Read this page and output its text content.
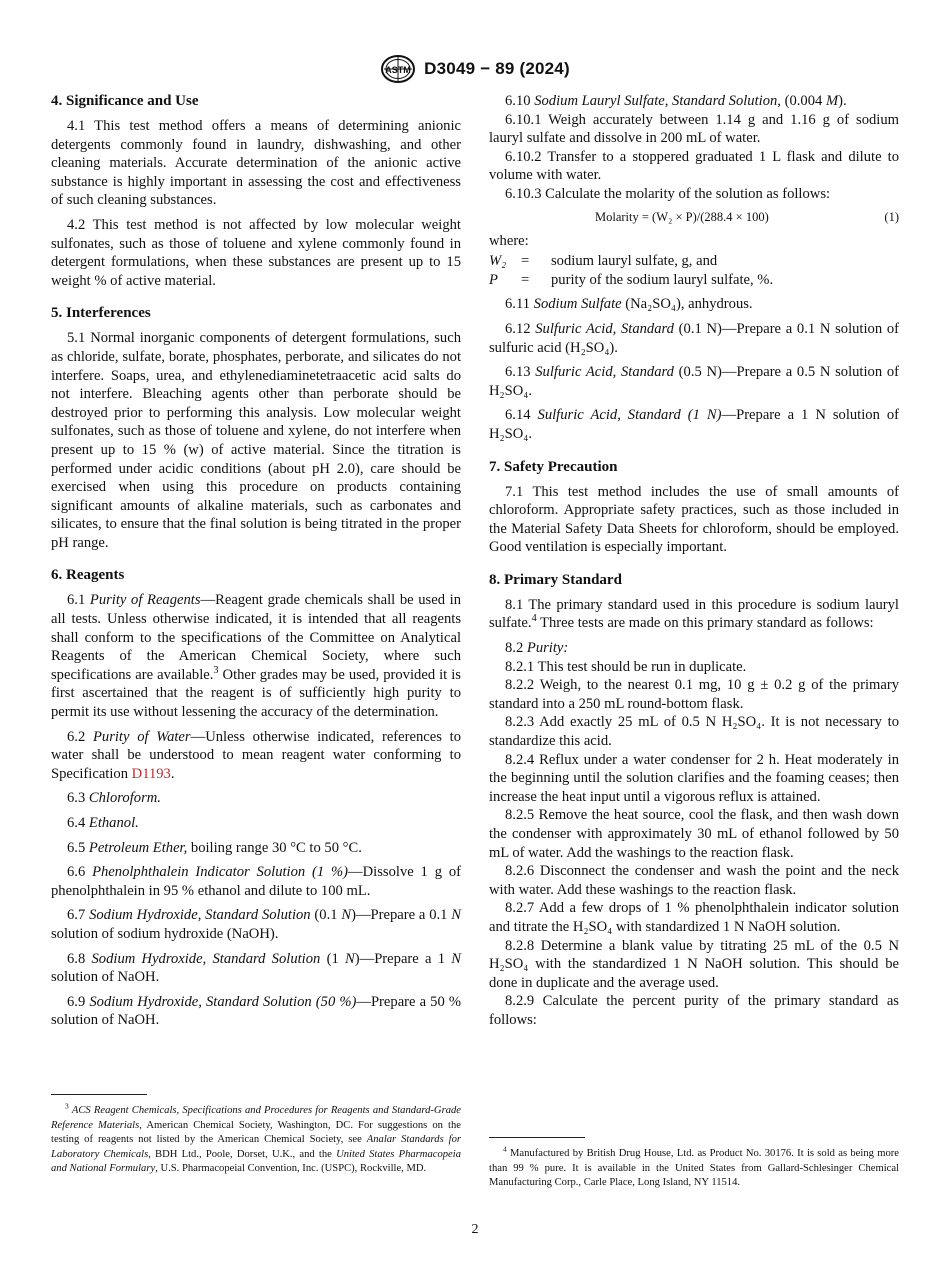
ASTM D3049 − 89 (2024)
4. Significance and Use

4.1 This test method offers a means of determining anionic detergents commonly found in laundry, dishwashing, and other cleaning materials. Accurate determination of the anionic active substance is highly important in assessing the cost and effectiveness of such cleaning substances.

4.2 This test method is not affected by low molecular weight sulfonates, such as those of toluene and xylene commonly found in detergent formulations, when these substances are present up to 15 weight % of active material.

5. Interferences

5.1 Normal inorganic components of detergent formulations, such as chloride, sulfate, borate, phosphates, perborate, and silicates do not interfere. Soaps, urea, and ethylenediaminetetraacetic acid salts do not interfere. Bleaching agents other than perborate should be destroyed prior to performing this analysis. Low molecular weight sulfonates, such as those of toluene and xylene, do not interfere when present up to 15 % (w) of active material. Since the titration is performed under acidic conditions (about pH 2.0), care should be exercised when using this procedure on products containing significant amounts of alkaline materials, such as carbonates and silicates, to ensure that the final solution is being titrated in the proper pH range.

6. Reagents

6.1 Purity of Reagents—Reagent grade chemicals shall be used in all tests. Unless otherwise indicated, it is intended that all reagents shall conform to the specifications of the Committee on Analytical Reagents of the American Chemical Society, where such specifications are available.$^3$ Other grades may be used, provided it is first ascertained that the reagent is of sufficiently high purity to permit its use without lessening the accuracy of the determination.

6.2 Purity of Water—Unless otherwise indicated, references to water shall be understood to mean reagent water conforming to Specification D1193.

6.3 Chloroform.

6.4 Ethanol.

6.5 Petroleum Ether, boiling range 30 °C to 50 °C.

6.6 Phenolphthalein Indicator Solution (1 %)—Dissolve 1 g of phenolphthalein in 95 % ethanol and dilute to 100 mL.

6.7 Sodium Hydroxide, Standard Solution (0.1 N)—Prepare a 0.1 N solution of sodium hydroxide (NaOH).

6.8 Sodium Hydroxide, Standard Solution (1 N)—Prepare a 1 N solution of NaOH.

6.9 Sodium Hydroxide, Standard Solution (50 %)—Prepare a 50 % solution of NaOH.

6.10 Sodium Lauryl Sulfate, Standard Solution, (0.004 M).

6.10.1 Weigh accurately between 1.14 g and 1.16 g of sodium lauryl sulfate and dissolve in 200 mL of water.

6.10.2 Transfer to a stoppered graduated 1 L flask and dilute to volume with water.

6.10.3 Calculate the molarity of the solution as follows:

Molarity = (W₂ × P)/(288.4 × 100)	(1)

where:

W₂	=	sodium lauryl sulfate, g, and
P	=	purity of the sodium lauryl sulfate, %.

6.11 Sodium Sulfate (Na₂SO₄), anhydrous.

6.12 Sulfuric Acid, Standard (0.1 N)—Prepare a 0.1 N solution of sulfuric acid (H₂SO₄).

6.13 Sulfuric Acid, Standard (0.5 N)—Prepare a 0.5 N solution of H₂SO₄.

6.14 Sulfuric Acid, Standard (1 N)—Prepare a 1 N solution of H₂SO₄.

7. Safety Precaution

7.1 This test method includes the use of small amounts of chloroform. Appropriate safety practices, such as those included in the Material Safety Data Sheets for chloroform, should be employed. Good ventilation is especially important.

8. Primary Standard

8.1 The primary standard used in this procedure is sodium lauryl sulfate.$^4$ Three tests are made on this primary standard as follows:

8.2 Purity:

8.2.1 This test should be run in duplicate.

8.2.2 Weigh, to the nearest 0.1 mg, 10 g ± 0.2 g of the primary standard into a 250 mL round-bottom flask.

8.2.3 Add exactly 25 mL of 0.5 N H₂SO₄. It is not necessary to standardize this acid.

8.2.4 Reflux under a water condenser for 2 h. Heat moderately in the beginning until the solution clarifies and the foaming ceases; then increase the heat input until a vigorous reflux is attained.

8.2.5 Remove the heat source, cool the flask, and then wash down the condenser with approximately 30 mL of ethanol followed by 50 mL of water. Add the washings to the reaction flask.

8.2.6 Disconnect the condenser and wash the point and the neck with water. Add these washings to the reaction flask.

8.2.7 Add a few drops of 1 % phenolphthalein indicator solution and titrate the H₂SO₄ with standardized 1 N NaOH solution.

8.2.8 Determine a blank value by titrating 25 mL of the 0.5 N H₂SO₄ with the standardized 1 N NaOH solution. This should be done in duplicate and the average used.

8.2.9 Calculate the percent purity of the primary standard as follows:

$^3$ ACS Reagent Chemicals, Specifications and Procedures for Reagents and Standard-Grade Reference Materials, American Chemical Society, Washington, DC. For suggestions on the testing of reagents not listed by the American Chemical Society, see Analar Standards for Laboratory Chemicals, BDH Ltd., Poole, Dorset, U.K., and the United States Pharmacopeia and National Formulary, U.S. Pharmacopeial Convention, Inc. (USPC), Rockville, MD.

$^4$ Manufactured by British Drug House, Ltd. as Product No. 30176. It is sold as being more than 99 % pure. It is available in the United States from Gallard-Schlesinger Chemical Manufacturing Corp., Carle Place, Long Island, NY 11514.

2
